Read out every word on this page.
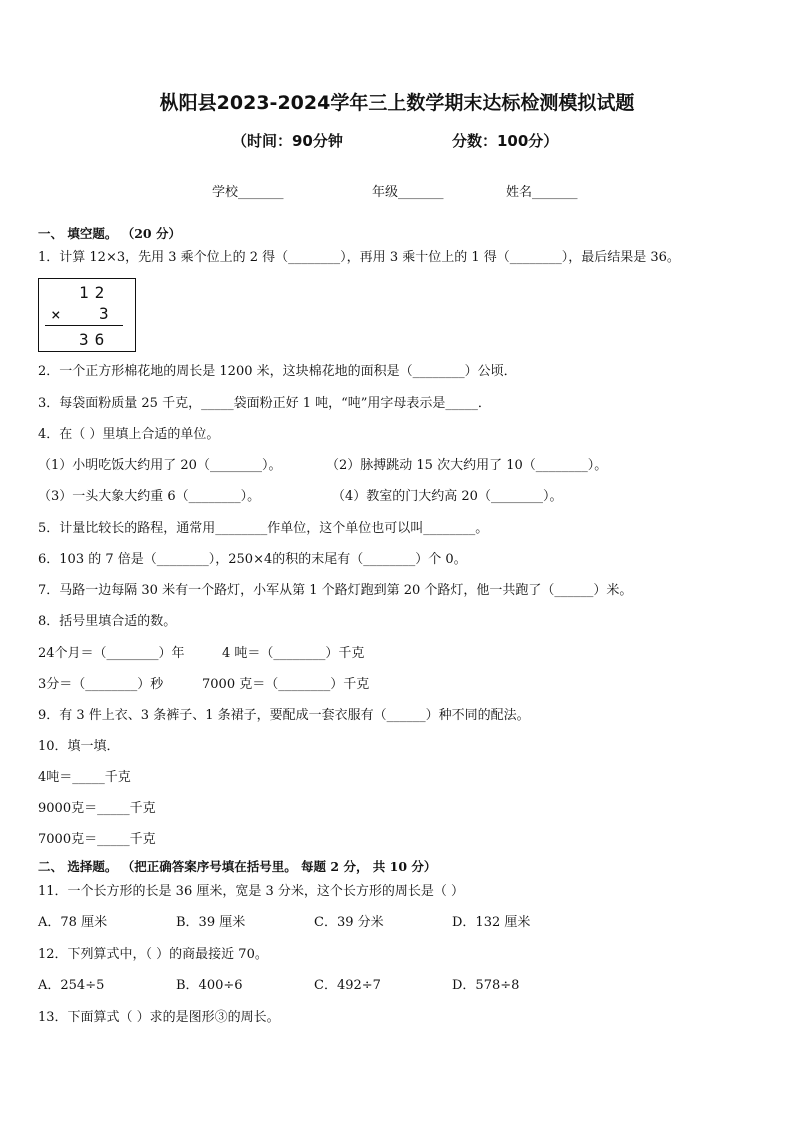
枞阳县2023-2024学年三上数学期末达标检测模拟试题
（时间：90分钟	分数：100分）
学校_______	年级_______	姓名_______
一、 填空题。 （20 分）
1．计算 12×3，先用 3 乘个位上的 2 得（________），再用 3 乘十位上的 1 得（________），最后结果是 36。
12
× 3
36
2．一个正方形棉花地的周长是 1200 米，这块棉花地的面积是（________）公顷．
3．每袋面粉质量 25 千克，_____袋面粉正好 1 吨，“吨”用字母表示是_____．
4．在（ ）里填上合适的单位。
（1）小明吃饭大约用了 20（________）。	（2）脉搏跳动 15 次大约用了 10（________）。
（3）一头大象大约重 6（________）。	（4）教室的门大约高 20（________）。
5．计量比较长的路程，通常用________作单位，这个单位也可以叫________。
6．103 的 7 倍是（________），250×4的积的末尾有（________）个 0。
7．马路一边每隔 30 米有一个路灯，小军从第 1 个路灯跑到第 20 个路灯，他一共跑了（______）米。
8．括号里填合适的数。
24个月＝（________）年	4 吨＝（________）千克
3分＝（________）秒	7000 克＝（________）千克
9．有 3 件上衣、3 条裤子、1 条裙子，要配成一套衣服有（______）种不同的配法。
10．填一填．
4吨＝_____千克
9000克＝_____千克
7000克＝_____千克
二、 选择题。 （把正确答案序号填在括号里。 每题 2 分， 共 10 分）
11．一个长方形的长是 36 厘米，宽是 3 分米，这个长方形的周长是（ ）
A．78 厘米	B．39 厘米	C．39 分米	D．132 厘米
12．下列算式中，（ ）的商最接近 70。
A．254÷5	B．400÷6	C．492÷7	D．578÷8
13．下面算式（ ）求的是图形③的周长。
